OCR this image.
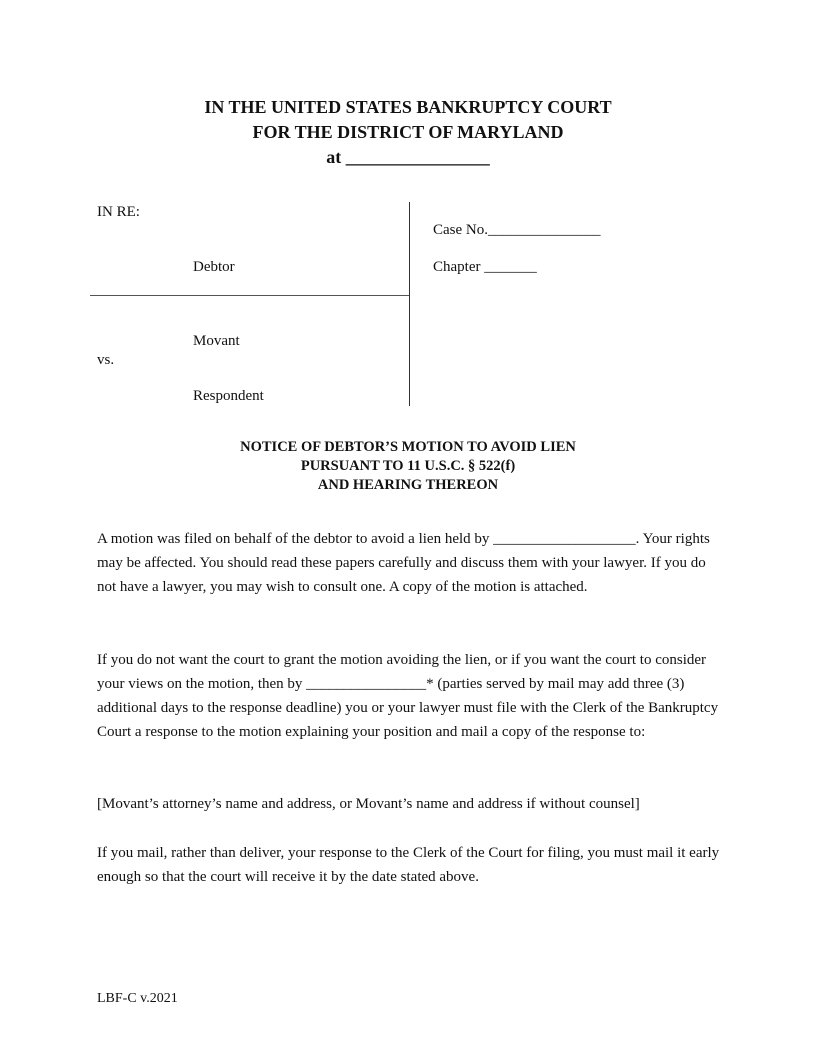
IN THE UNITED STATES BANKRUPTCY COURT
FOR THE DISTRICT OF MARYLAND
at ________________
IN RE:
Debtor
Movant
vs.
Respondent
Case No._______________
Chapter _______
NOTICE OF DEBTOR’S MOTION TO AVOID LIEN
PURSUANT TO 11 U.S.C. § 522(f)
AND HEARING THEREON
A motion was filed on behalf of the debtor to avoid a lien held by ___________________. Your rights may be affected. You should read these papers carefully and discuss them with your lawyer. If you do not have a lawyer, you may wish to consult one. A copy of the motion is attached.
If you do not want the court to grant the motion avoiding the lien, or if you want the court to consider your views on the motion, then by ________________* (parties served by mail may add three (3) additional days to the response deadline) you or your lawyer must file with the Clerk of the Bankruptcy Court a response to the motion explaining your position and mail a copy of the response to:
[Movant’s attorney’s name and address, or Movant’s name and address if without counsel]
If you mail, rather than deliver, your response to the Clerk of the Court for filing, you must mail it early enough so that the court will receive it by the date stated above.
LBF-C v.2021
